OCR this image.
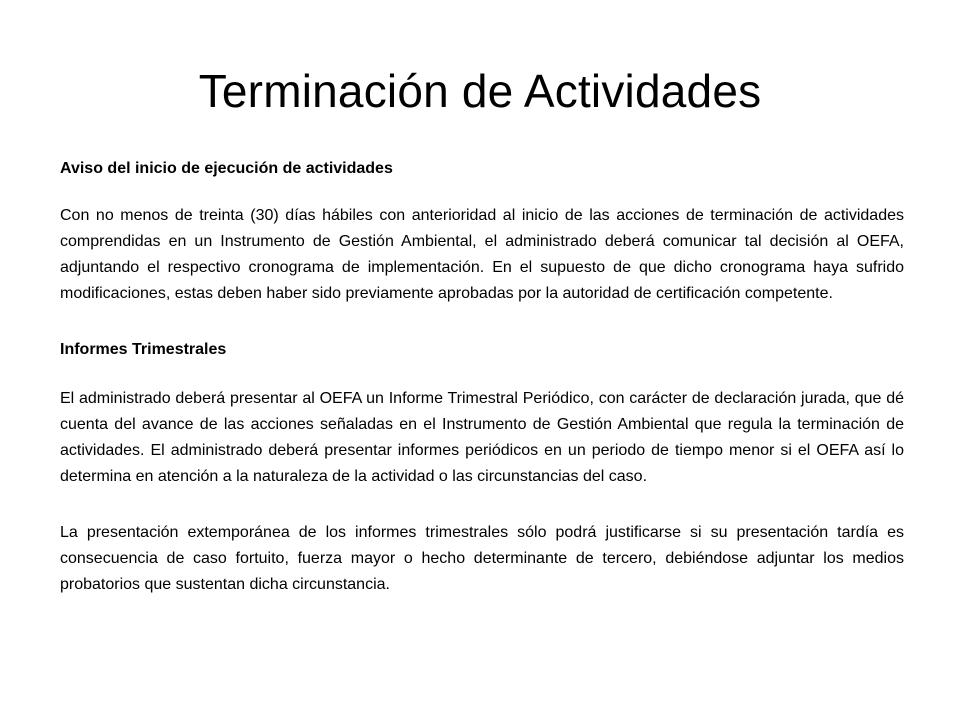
Terminación de Actividades
Aviso del inicio de ejecución de actividades

Con no menos de treinta (30) días hábiles con anterioridad al inicio de las acciones de terminación de actividades comprendidas en un Instrumento de Gestión Ambiental, el administrado deberá comunicar tal decisión al OEFA, adjuntando el respectivo cronograma de implementación. En el supuesto de que dicho cronograma haya sufrido modificaciones, estas deben haber sido previamente aprobadas por la autoridad de certificación competente.

Informes Trimestrales

El administrado deberá presentar al OEFA un Informe Trimestral Periódico, con carácter de declaración jurada, que dé cuenta del avance de las acciones señaladas en el Instrumento de Gestión Ambiental que regula la terminación de actividades. El administrado deberá presentar informes periódicos en un periodo de tiempo menor si el OEFA así lo determina en atención a la naturaleza de la actividad o las circunstancias del caso.

La presentación extemporánea de los informes trimestrales sólo podrá justificarse si su presentación tardía es consecuencia de caso fortuito, fuerza mayor o hecho determinante de tercero, debiéndose adjuntar los medios probatorios que sustentan dicha circunstancia.
